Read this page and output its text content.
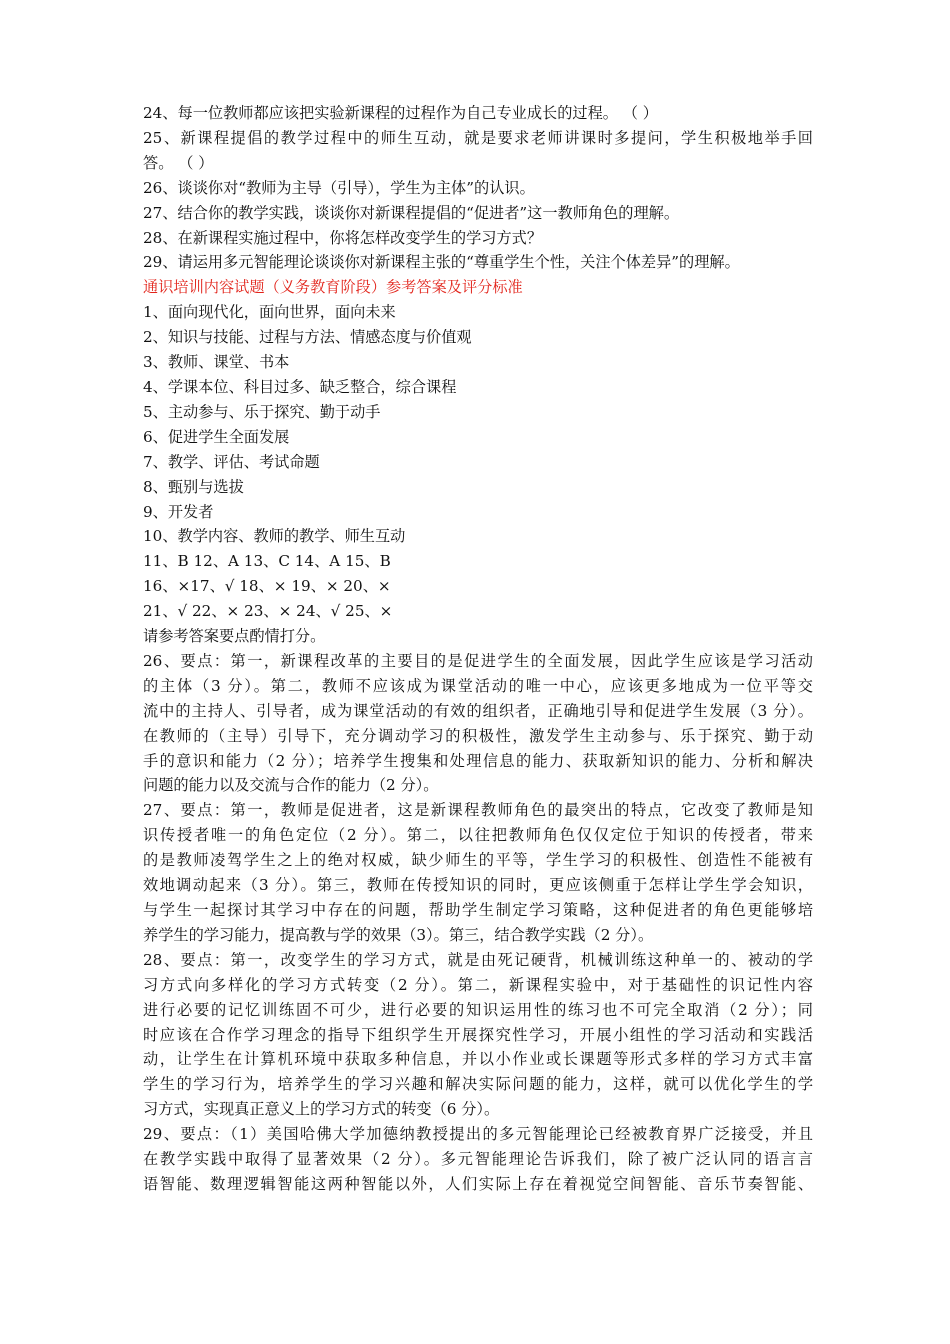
24、每一位教师都应该把实验新课程的过程作为自己专业成长的过程。 （ ）
25、新课程提倡的教学过程中的师生互动，就是要求老师讲课时多提问，学生积极地举手回
答。 （ ）
26、谈谈你对“教师为主导（引导），学生为主体”的认识。
27、结合你的教学实践，谈谈你对新课程提倡的“促进者”这一教师角色的理解。
28、在新课程实施过程中，你将怎样改变学生的学习方式？
29、请运用多元智能理论谈谈你对新课程主张的“尊重学生个性，关注个体差异”的理解。
通识培训内容试题（义务教育阶段）参考答案及评分标准
1、面向现代化，面向世界，面向未来
2、知识与技能、过程与方法、情感态度与价值观
3、教师、课堂、书本
4、学课本位、科目过多、缺乏整合，综合课程
5、主动参与、乐于探究、勤于动手
6、促进学生全面发展
7、教学、评估、考试命题
8、甄别与选拔
9、开发者
10、教学内容、教师的教学、师生互动
11、B 12、A 13、C 14、A 15、B
16、×17、√ 18、× 19、× 20、×
21、√ 22、× 23、× 24、√ 25、×
请参考答案要点酌情打分。
26、要点：第一，新课程改革的主要目的是促进学生的全面发展，因此学生应该是学习活动
的主体（3 分）。第二，教师不应该成为课堂活动的唯一中心，应该更多地成为一位平等交
流中的主持人、引导者，成为课堂活动的有效的组织者，正确地引导和促进学生发展（3 分）。
在教师的（主导）引导下，充分调动学习的积极性，激发学生主动参与、乐于探究、勤于动
手的意识和能力（2 分）；培养学生搜集和处理信息的能力、获取新知识的能力、分析和解决
问题的能力以及交流与合作的能力（2 分）。
27、要点：第一，教师是促进者，这是新课程教师角色的最突出的特点，它改变了教师是知
识传授者唯一的角色定位（2 分）。第二，以往把教师角色仅仅定位于知识的传授者，带来
的是教师凌驾学生之上的绝对权威，缺少师生的平等，学生学习的积极性、创造性不能被有
效地调动起来（3 分）。第三，教师在传授知识的同时，更应该侧重于怎样让学生学会知识，
与学生一起探讨其学习中存在的问题，帮助学生制定学习策略，这种促进者的角色更能够培
养学生的学习能力，提高教与学的效果（3）。第三，结合教学实践（2 分）。
28、要点：第一，改变学生的学习方式，就是由死记硬背，机械训练这种单一的、被动的学
习方式向多样化的学习方式转变（2 分）。第二，新课程实验中，对于基础性的识记性内容
进行必要的记忆训练固不可少，进行必要的知识运用性的练习也不可完全取消（2 分）；同
时应该在合作学习理念的指导下组织学生开展探究性学习，开展小组性的学习活动和实践活
动，让学生在计算机环境中获取多种信息，并以小作业或长课题等形式多样的学习方式丰富
学生的学习行为，培养学生的学习兴趣和解决实际问题的能力，这样，就可以优化学生的学
习方式，实现真正意义上的学习方式的转变（6 分）。
29、要点：（1）美国哈佛大学加德纳教授提出的多元智能理论已经被教育界广泛接受，并且
在教学实践中取得了显著效果（2 分）。多元智能理论告诉我们，除了被广泛认同的语言言
语智能、数理逻辑智能这两种智能以外，人们实际上存在着视觉空间智能、音乐节奏智能、
